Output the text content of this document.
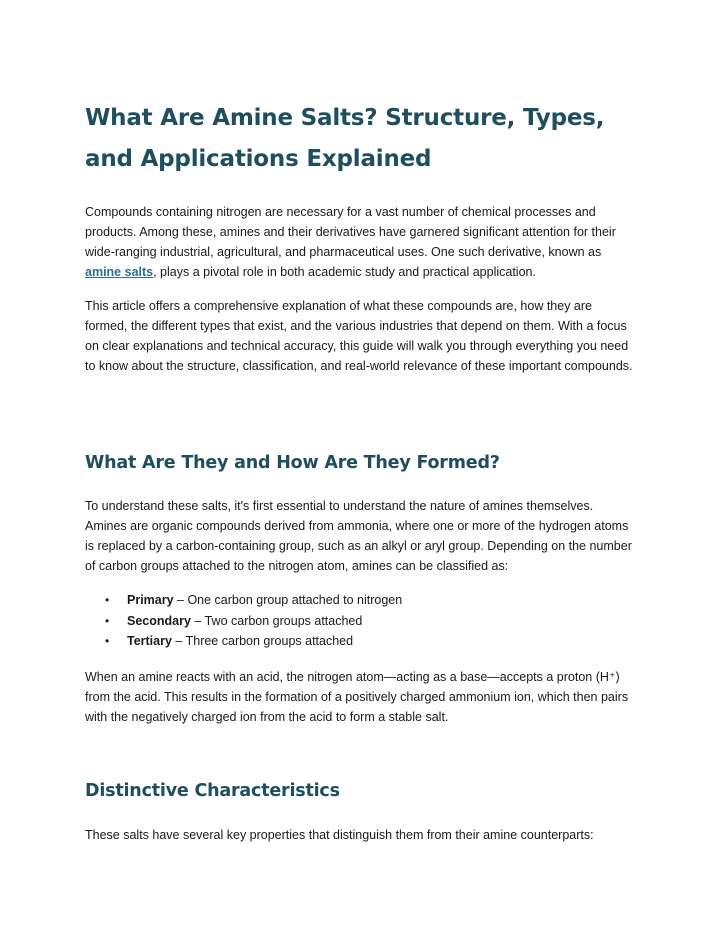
What Are Amine Salts? Structure, Types, and Applications Explained

Compounds containing nitrogen are necessary for a vast number of chemical processes and products. Among these, amines and their derivatives have garnered significant attention for their wide-ranging industrial, agricultural, and pharmaceutical uses. One such derivative, known as amine salts, plays a pivotal role in both academic study and practical application.

This article offers a comprehensive explanation of what these compounds are, how they are formed, the different types that exist, and the various industries that depend on them. With a focus on clear explanations and technical accuracy, this guide will walk you through everything you need to know about the structure, classification, and real-world relevance of these important compounds.

What Are They and How Are They Formed?

To understand these salts, it's first essential to understand the nature of amines themselves. Amines are organic compounds derived from ammonia, where one or more of the hydrogen atoms is replaced by a carbon-containing group, such as an alkyl or aryl group. Depending on the number of carbon groups attached to the nitrogen atom, amines can be classified as:

• Primary – One carbon group attached to nitrogen
• Secondary – Two carbon groups attached
• Tertiary – Three carbon groups attached

When an amine reacts with an acid, the nitrogen atom—acting as a base—accepts a proton (H⁺) from the acid. This results in the formation of a positively charged ammonium ion, which then pairs with the negatively charged ion from the acid to form a stable salt.

Distinctive Characteristics

These salts have several key properties that distinguish them from their amine counterparts:
